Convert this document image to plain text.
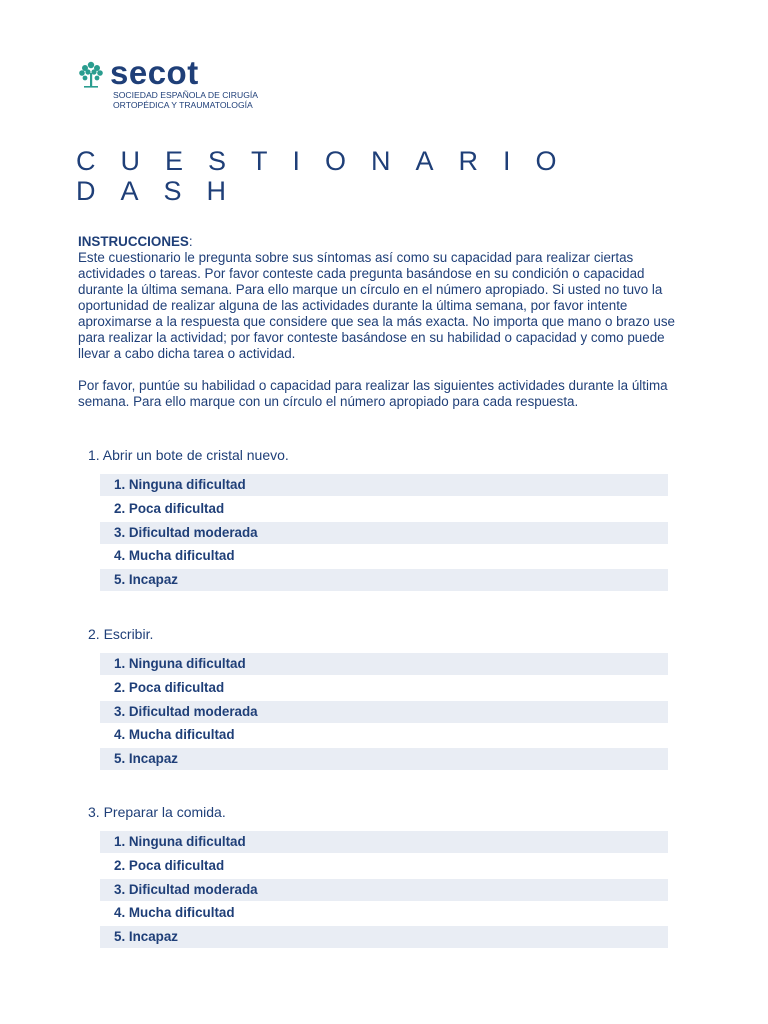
secot
SOCIEDAD ESPAÑOLA DE CIRUGÍA
ORTOPÉDICA Y TRAUMATOLOGÍA
CUESTIONARIO
DASH

INSTRUCCIONES:
Este cuestionario le pregunta sobre sus síntomas así como su capacidad para realizar ciertas actividades o tareas. Por favor conteste cada pregunta basándose en su condición o capacidad durante la última semana. Para ello marque un círculo en el número apropiado. Si usted no tuvo la oportunidad de realizar alguna de las actividades durante la última semana, por favor intente aproximarse a la respuesta que considere que sea la más exacta. No importa que mano o brazo use para realizar la actividad; por favor conteste basándose en su habilidad o capacidad y como puede llevar a cabo dicha tarea o actividad.

Por favor, puntúe su habilidad o capacidad para realizar las siguientes actividades durante la última semana. Para ello marque con un círculo el número apropiado para cada respuesta.

1. Abrir un bote de cristal nuevo.
1. Ninguna dificultad
2. Poca dificultad
3. Dificultad moderada
4. Mucha dificultad
5. Incapaz
2. Escribir.
1. Ninguna dificultad
2. Poca dificultad
3. Dificultad moderada
4. Mucha dificultad
5. Incapaz
3. Preparar la comida.
1. Ninguna dificultad
2. Poca dificultad
3. Dificultad moderada
4. Mucha dificultad
5. Incapaz
